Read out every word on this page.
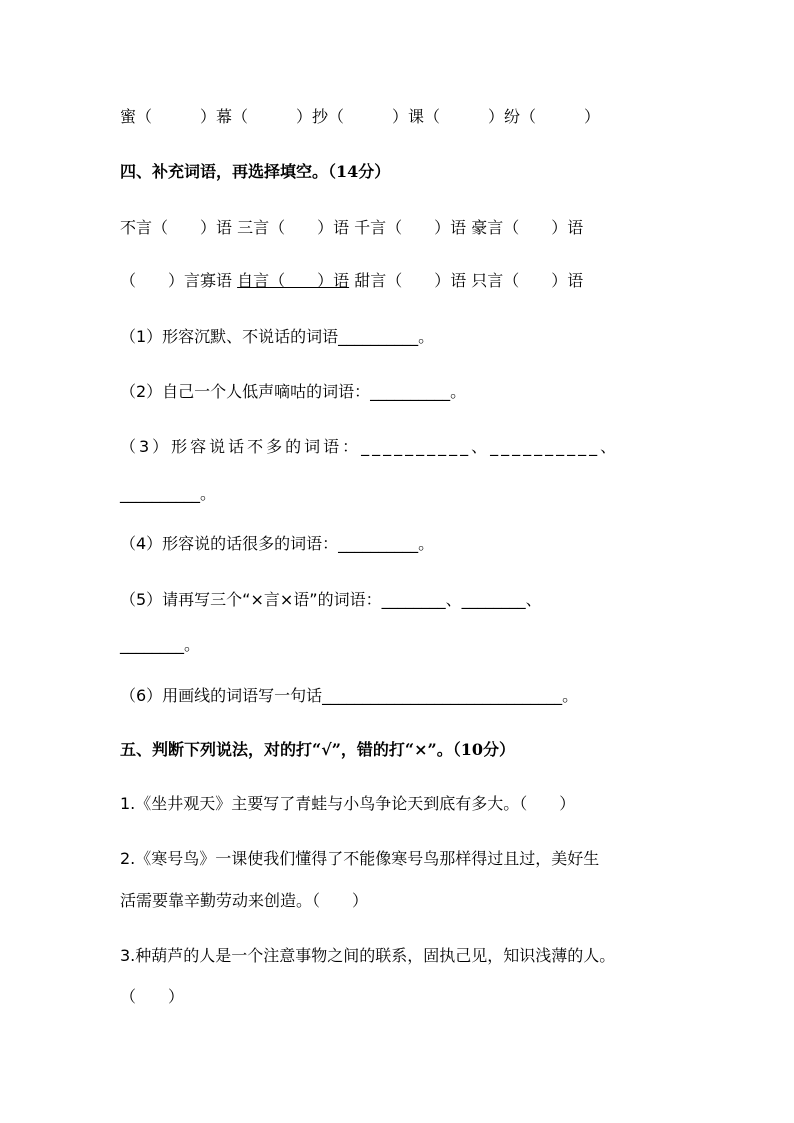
蜜（　　　）幕（　　　）抄（　　　）课（　　　）纷（　　　）
四、补充词语，再选择填空。（14分）
不言（　　）语 三言（　　）语 千言（　　）语 豪言（　　）语
（　　）言寡语 自言（　　）语 甜言（　　）语 只言（　　）语
（1）形容沉默、不说话的词语__________。
（2）自己一个人低声嘀咕的词语：__________。
（3）形容说话不多的词语：__________、__________、
__________。
（4）形容说的话很多的词语：__________。
（5）请再写三个“×言×语”的词语：________、________、
________。
（6）用画线的词语写一句话______________________________。
五、判断下列说法，对的打“√”，错的打“×”。（10分）
1.《坐井观天》主要写了青蛙与小鸟争论天到底有多大。（　　）
2.《寒号鸟》一课使我们懂得了不能像寒号鸟那样得过且过，美好生
活需要靠辛勤劳动来创造。（　　）
3.种葫芦的人是一个注意事物之间的联系，固执己见，知识浅薄的人。
（　　）
